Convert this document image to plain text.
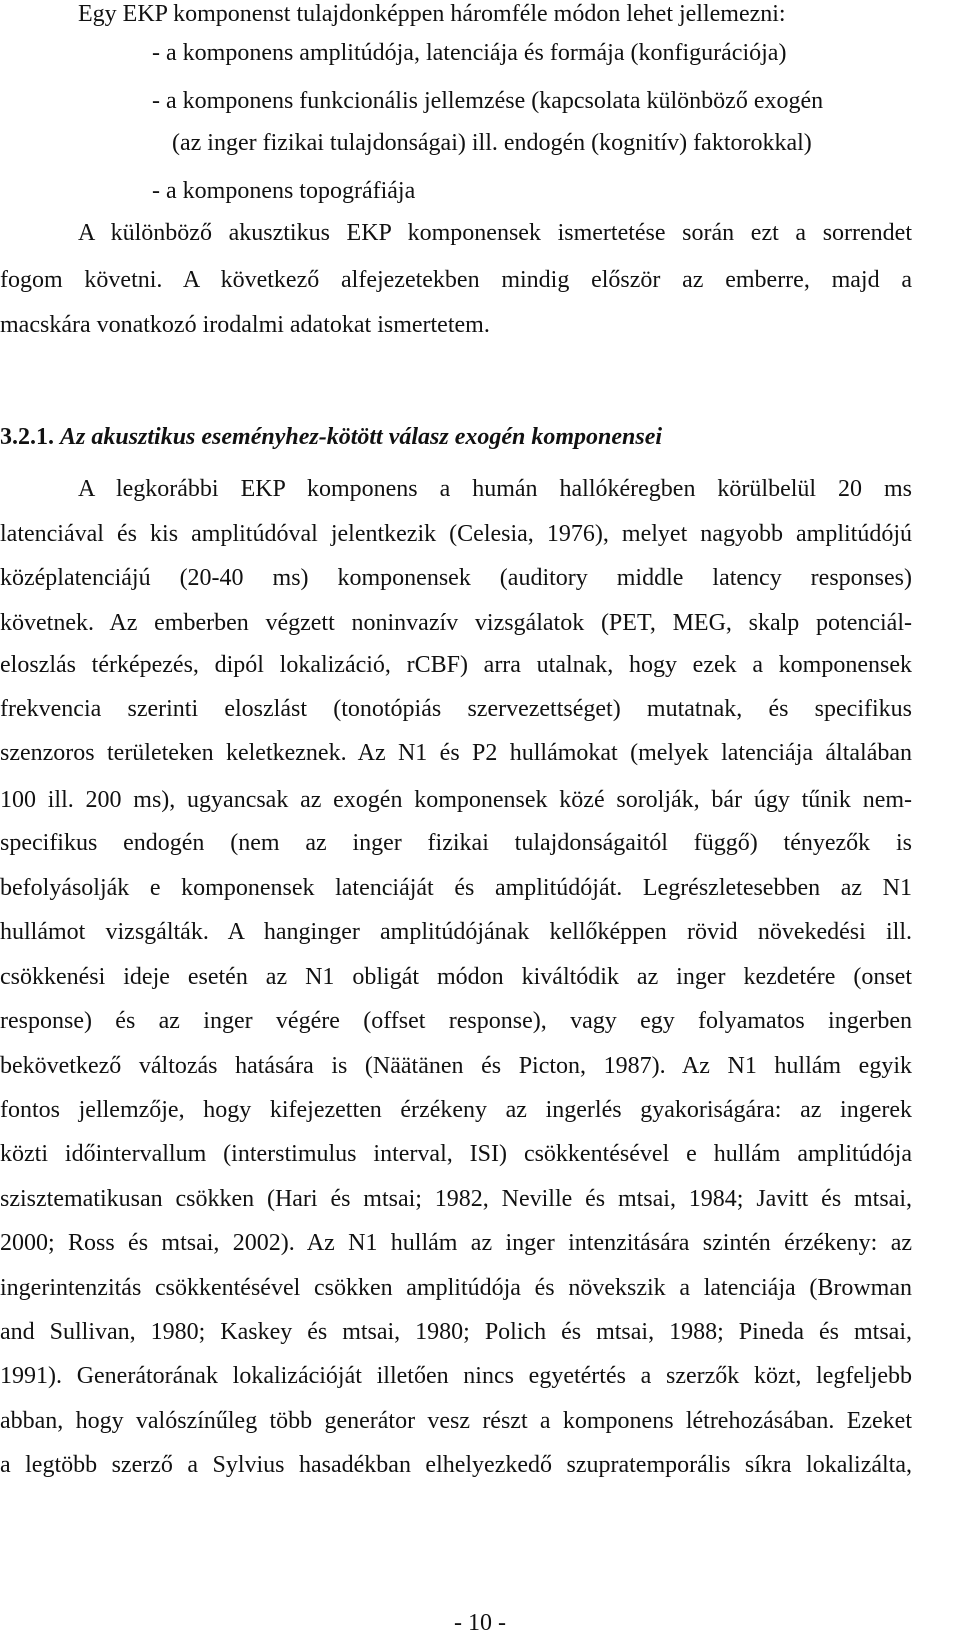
Egy EKP komponenst tulajdonképpen háromféle módon lehet jellemezni:
- a komponens amplitúdója, latenciája és formája (konfigurációja)
- a komponens funkcionális jellemzése (kapcsolata különböző exogén
(az inger fizikai tulajdonságai) ill. endogén (kognitív) faktorokkal)
- a komponens topográfiája
A különböző akusztikus EKP komponensek ismertetése során ezt a sorrendet
fogom követni. A következő alfejezetekben mindig először az emberre, majd a
macskára vonatkozó irodalmi adatokat ismertetem.
3.2.1. Az akusztikus eseményhez-kötött válasz exogén komponensei
A legkorábbi EKP komponens a humán hallókéregben körülbelül 20 ms
latenciával és kis amplitúdóval jelentkezik (Celesia, 1976), melyet nagyobb amplitúdójú
középlatenciájú (20-40 ms) komponensek (auditory middle latency responses)
követnek. Az emberben végzett noninvazív vizsgálatok (PET, MEG, skalp potenciál-
eloszlás térképezés, dipól lokalizáció, rCBF) arra utalnak, hogy ezek a komponensek
frekvencia szerinti eloszlást (tonotópiás szervezettséget) mutatnak, és specifikus
szenzoros területeken keletkeznek. Az N1 és P2 hullámokat (melyek latenciája általában
100 ill. 200 ms), ugyancsak az exogén komponensek közé sorolják, bár úgy tűnik nem-
specifikus endogén (nem az inger fizikai tulajdonságaitól függő) tényezők is
befolyásolják e komponensek latenciáját és amplitúdóját. Legrészletesebben az N1
hullámot vizsgálták. A hanginger amplitúdójának kellőképpen rövid növekedési ill.
csökkenési ideje esetén az N1 obligát módon kiváltódik az inger kezdetére (onset
response) és az inger végére (offset response), vagy egy folyamatos ingerben
bekövetkező változás hatására is (Näätänen és Picton, 1987). Az N1 hullám egyik
fontos jellemzője, hogy kifejezetten érzékeny az ingerlés gyakoriságára: az ingerek
közti időintervallum (interstimulus interval, ISI) csökkentésével e hullám amplitúdója
szisztematikusan csökken (Hari és mtsai; 1982, Neville és mtsai, 1984; Javitt és mtsai,
2000; Ross és mtsai, 2002). Az N1 hullám az inger intenzitására szintén érzékeny: az
ingerintenzitás csökkentésével csökken amplitúdója és növekszik a latenciája (Browman
and Sullivan, 1980; Kaskey és mtsai, 1980; Polich és mtsai, 1988; Pineda és mtsai,
1991). Generátorának lokalizációját illetően nincs egyetértés a szerzők közt, legfeljebb
abban, hogy valószínűleg több generátor vesz részt a komponens létrehozásában. Ezeket
a legtöbb szerző a Sylvius hasadékban elhelyezkedő szupratemporális síkra lokalizálta,
- 10 -
